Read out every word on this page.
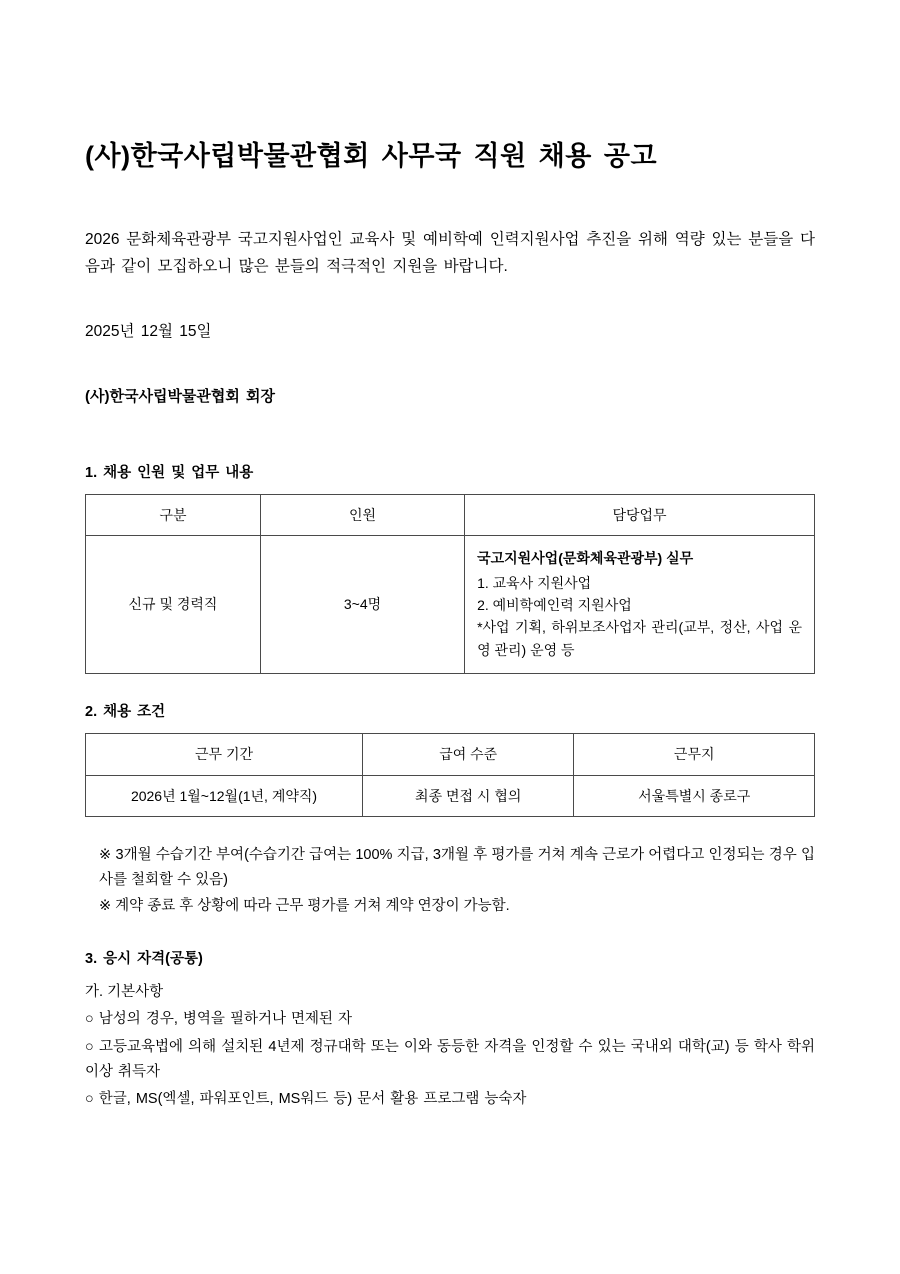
(사)한국사립박물관협회 사무국 직원 채용 공고

2026 문화체육관광부 국고지원사업인 교육사 및 예비학예 인력지원사업 추진을 위해 역량 있는 분들을 다음과 같이 모집하오니 많은 분들의 적극적인 지원을 바랍니다.

2025년 12월 15일

(사)한국사립박물관협회 회장

1. 채용 인원 및 업무 내용
구분	인원	담당업무
신규 및 경력직	3~4명	국고지원사업(문화체육관광부) 실무
1. 교육사 지원사업
2. 예비학예인력 지원사업
*사업 기획, 하위보조사업자 관리(교부, 정산, 사업 운영 관리) 운영 등
2. 채용 조건
근무 기간	급여 수준	근무지
2026년 1월~12월(1년, 계약직)	최종 면접 시 협의	서울특별시 종로구

※ 3개월 수습기간 부여(수습기간 급여는 100% 지급, 3개월 후 평가를 거쳐 계속 근로가 어렵다고 인정되는 경우 입사를 철회할 수 있음)

※ 계약 종료 후 상황에 따라 근무 평가를 거쳐 계약 연장이 가능함.

3. 응시 자격(공통)

가. 기본사항

○ 남성의 경우, 병역을 필하거나 면제된 자

○ 고등교육법에 의해 설치된 4년제 정규대학 또는 이와 동등한 자격을 인정할 수 있는 국내외 대학(교) 등 학사 학위 이상 취득자

○ 한글, MS(엑셀, 파워포인트, MS워드 등) 문서 활용 프로그램 능숙자
